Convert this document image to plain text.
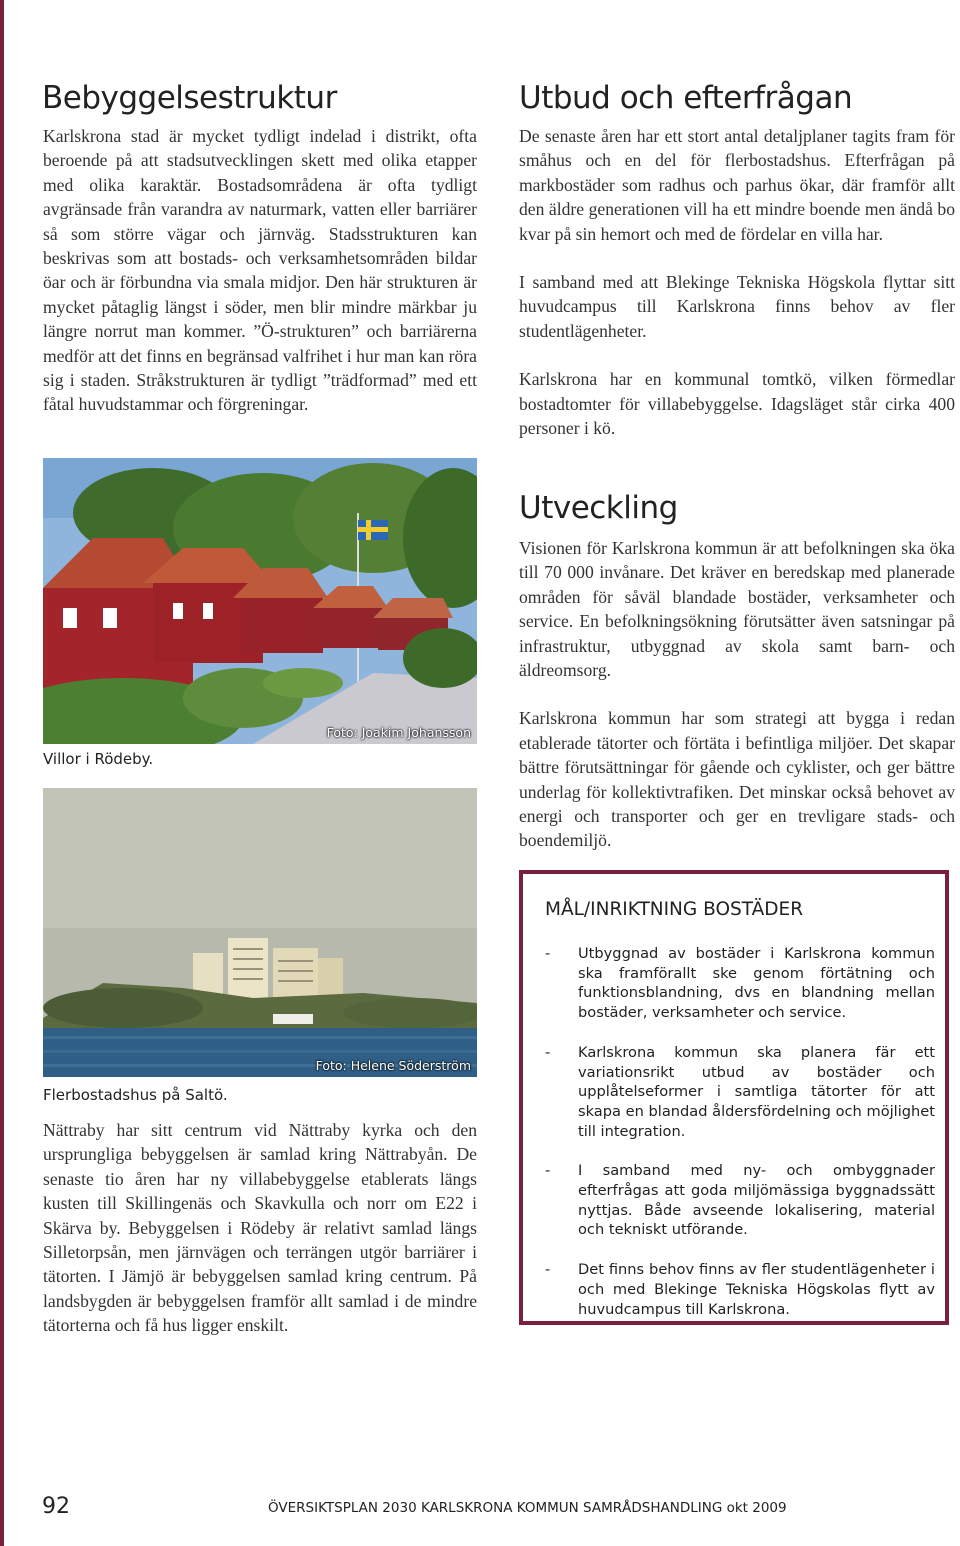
Bebyggelsestruktur

Karlskrona stad är mycket tydligt indelad i distrikt, ofta beroende på att stadsutvecklingen skett med olika etapper med olika karaktär. Bostadsområdena är ofta tydligt avgränsade från varandra av naturmark, vatten eller barriärer så som större vägar och järnväg. Stadsstrukturen kan beskrivas som att bostads- och verksamhetsområden bildar öar och är förbundna via smala midjor. Den här strukturen är mycket påtaglig längst i söder, men blir mindre märkbar ju längre norrut man kommer. ”Ö-strukturen” och barriärerna medför att det finns en begränsad valfrihet i hur man kan röra sig i staden. Stråkstrukturen är tydligt ”trädformad” med ett fåtal huvudstammar och förgreningar.

Foto: Joakim Johansson

Villor i Rödeby.

Foto: Helene Söderström

Flerbostadshus på Saltö.

Nättraby har sitt centrum vid Nättraby kyrka och den ursprungliga bebyggelsen är samlad kring Nättrabyån. De senaste tio åren har ny villabebyggelse etablerats längs kusten till Skillingenäs och Skavkulla och norr om E22 i Skärva by. Bebyggelsen i Rödeby är relativt samlad längs Silletorpsån, men järnvägen och terrängen utgör barriärer i tätorten. I Jämjö är bebyggelsen samlad kring centrum. På landsbygden är bebyggelsen framför allt samlad i de mindre tätorterna och få hus ligger enskilt.

Utbud och efterfrågan

De senaste åren har ett stort antal detaljplaner tagits fram för småhus och en del för flerbostadshus. Efterfrågan på markbostäder som radhus och parhus ökar, där framför allt den äldre generationen vill ha ett mindre boende men ändå bo kvar på sin hemort och med de fördelar en villa har.

I samband med att Blekinge Tekniska Högskola flyttar sitt huvudcampus till Karlskrona finns behov av fler studentlägenheter.

Karlskrona har en kommunal tomtkö, vilken förmedlar bostadtomter för villabebyggelse. Idagsläget står cirka 400 personer i kö.

Utveckling

Visionen för Karlskrona kommun är att befolkningen ska öka till 70 000 invånare. Det kräver en beredskap med planerade områden för såväl blandade bostäder, verksamheter och service. En befolkningsökning förutsätter även satsningar på infrastruktur, utbyggnad av skola samt barn- och äldreomsorg.

Karlskrona kommun har som strategi att bygga i redan etablerade tätorter och förtäta i befintliga miljöer. Det skapar bättre förutsättningar för gående och cyklister, och ger bättre underlag för kollektivtrafiken. Det minskar också behovet av energi och transporter och ger en trevligare stads- och boendemiljö.

MÅL/INRIKTNING BOSTÄDER
- Utbyggnad av bostäder i Karlskrona kommun ska framförallt ske genom förtätning och funktionsblandning, dvs en blandning mellan bostäder, verksamheter och service.
- Karlskrona kommun ska planera fär ett variationsrikt utbud av bostäder och upplåtelseformer i samtliga tätorter för att skapa en blandad åldersfördelning och möjlighet till integration.
- I samband med ny- och ombyggnader efterfrågas att goda miljömässiga byggnadssätt nyttjas. Både avseende lokalisering, material och tekniskt utförande.
- Det finns behov finns av fler studentlägenheter i och med Blekinge Tekniska Högskolas flytt av huvudcampus till Karlskrona.
92	ÖVERSIKTSPLAN 2030 KARLSKRONA KOMMUN SAMRÅDSHANDLING okt 2009
